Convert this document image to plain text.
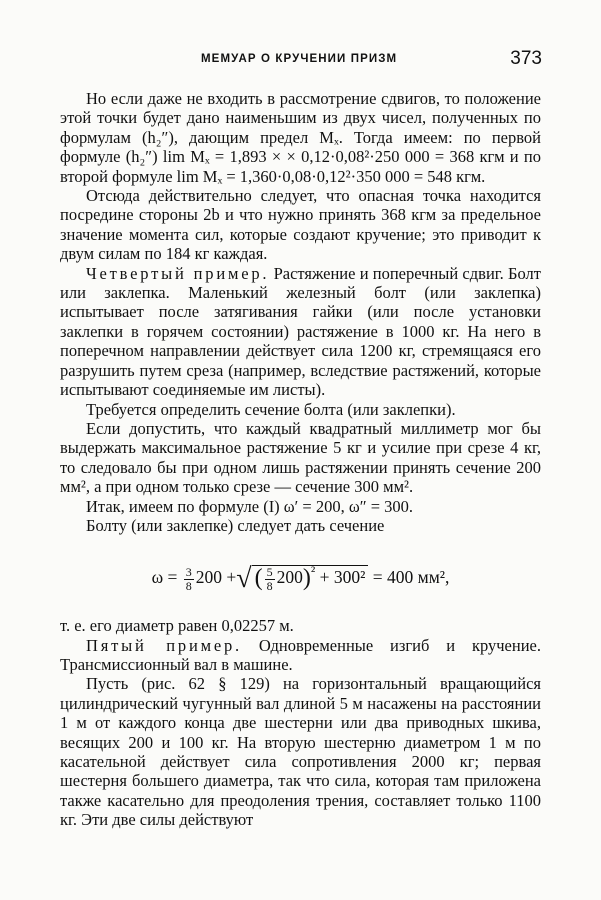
МЕМУАР О КРУЧЕНИИ ПРИЗМ	373

Но если даже не входить в рассмотрение сдвигов, то положение этой точки будет дано наименьшим из двух чисел, полученных по формулам (h₂″), дающим предел Mₓ. Тогда имеем: по первой формуле (h₂″) lim Mₓ = 1,893 × × 0,12·0,08²·250 000 = 368 кгм и по второй формуле lim Mₓ = 1,360·0,08·0,12²·350 000 = 548 кгм.

Отсюда действительно следует, что опасная точка находится посредине стороны 2b и что нужно принять 368 кгм за предельное значение момента сил, которые создают кручение; это приводит к двум силам по 184 кг каждая.

Четвертый пример. Растяжение и поперечный сдвиг. Болт или заклепка. Маленький железный болт (или заклепка) испытывает после затягивания гайки (или после установки заклепки в горячем состоянии) растяжение в 1000 кг. На него в поперечном направлении действует сила 1200 кг, стремящаяся его разрушить путем среза (например, вследствие растяжений, которые испытывают соединяемые им листы).

Требуется определить сечение болта (или заклепки).

Если допустить, что каждый квадратный миллиметр мог бы выдержать максимальное растяжение 5 кг и усилие при срезе 4 кг, то следовало бы при одном лишь растяжении принять сечение 200 мм², а при одном только срезе — сечение 300 мм².

Итак, имеем по формуле (I) ω′ = 200, ω″ = 300.

Болту (или заклепке) следует дать сечение

$\omega = \frac{3}{8} 200$ +√ ( $\frac{5}{8} 200)^{^2} + 300^2 = 400$ мм²,

т. е. его диаметр равен 0,02257 м.

Пятый пример. Одновременные изгиб и кручение. Трансмиссионный вал в машине.

Пусть (рис. 62 § 129) на горизонтальный вращающийся цилиндрический чугунный вал длиной 5 м насажены на расстоянии 1 м от каждого конца две шестерни или два приводных шкива, весящих 200 и 100 кг. На вторую шестерню диаметром 1 м по касательной действует сила сопротивления 2000 кг; первая шестерня большего диаметра, так что сила, которая там приложена также касательно для преодоления трения, составляет только 1100 кг. Эти две силы действуют
